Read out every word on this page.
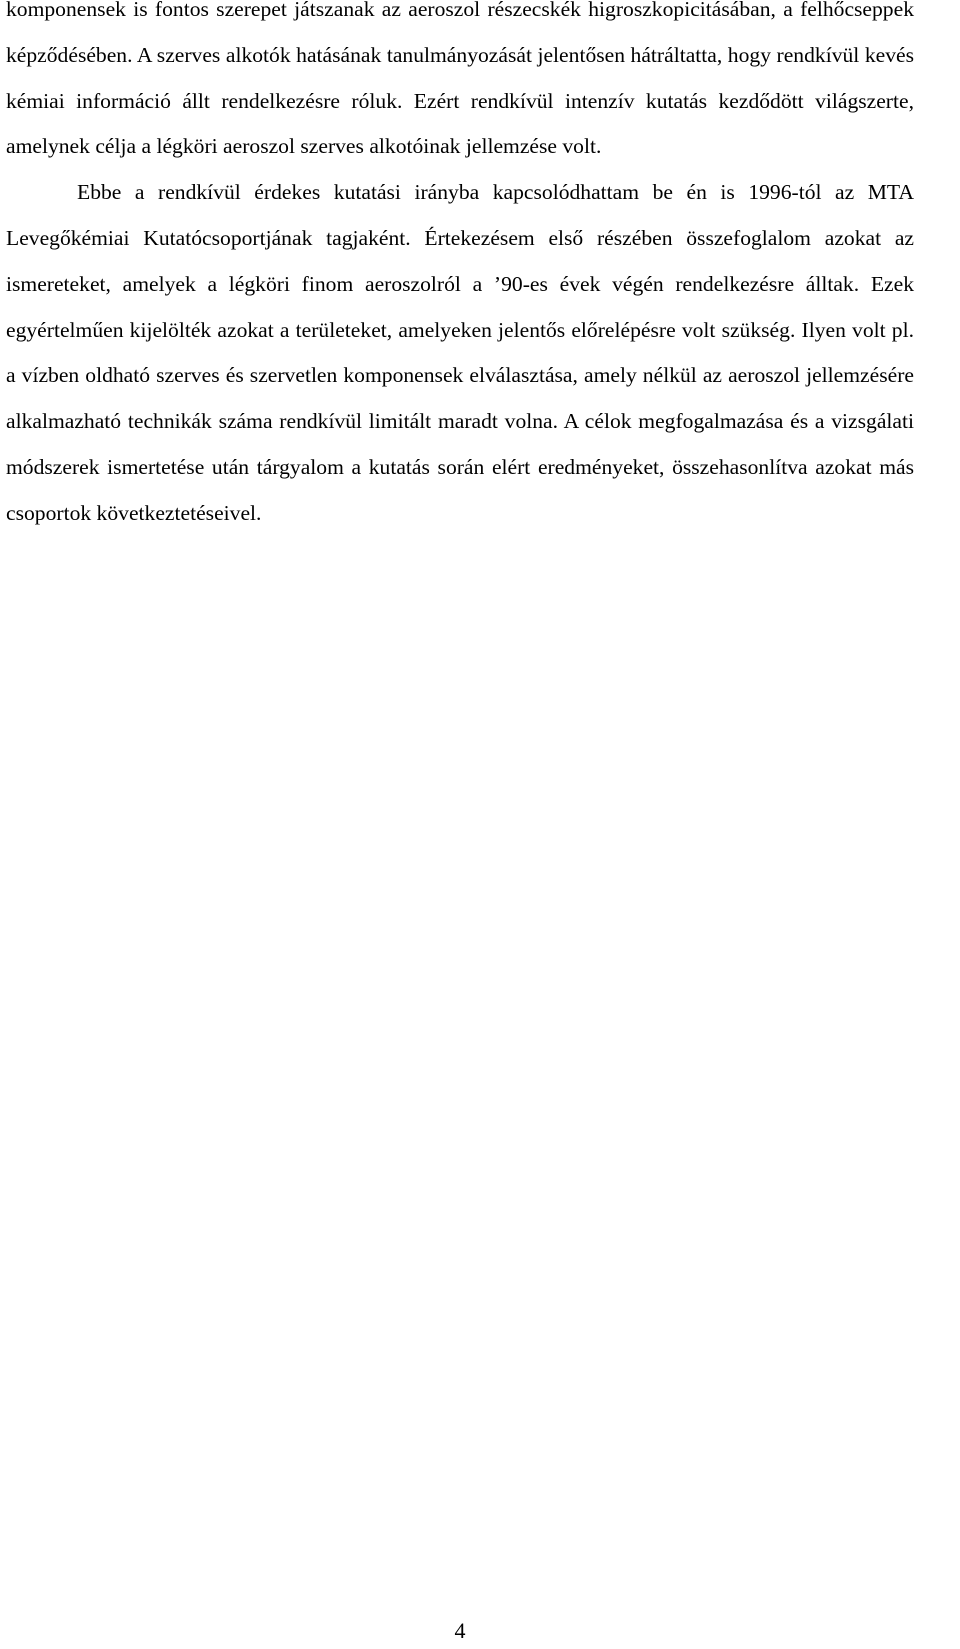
komponensek is fontos szerepet játszanak az aeroszol részecskék higroszkopicitásában, a felhőcseppek képződésében. A szerves alkotók hatásának tanulmányozását jelentősen hátráltatta, hogy rendkívül kevés kémiai információ állt rendelkezésre róluk. Ezért rendkívül intenzív kutatás kezdődött világszerte, amelynek célja a légköri aeroszol szerves alkotóinak jellemzése volt.

Ebbe a rendkívül érdekes kutatási irányba kapcsolódhattam be én is 1996-tól az MTA Levegőkémiai Kutatócsoportjának tagjaként. Értekezésem első részében összefoglalom azokat az ismereteket, amelyek a légköri finom aeroszolról a ’90-es évek végén rendelkezésre álltak. Ezek egyértelműen kijelölték azokat a területeket, amelyeken jelentős előrelépésre volt szükség. Ilyen volt pl. a vízben oldható szerves és szervetlen komponensek elválasztása, amely nélkül az aeroszol jellemzésére alkalmazható technikák száma rendkívül limitált maradt volna. A célok megfogalmazása és a vizsgálati módszerek ismertetése után tárgyalom a kutatás során elért eredményeket, összehasonlítva azokat más csoportok következtetéseivel.

4
